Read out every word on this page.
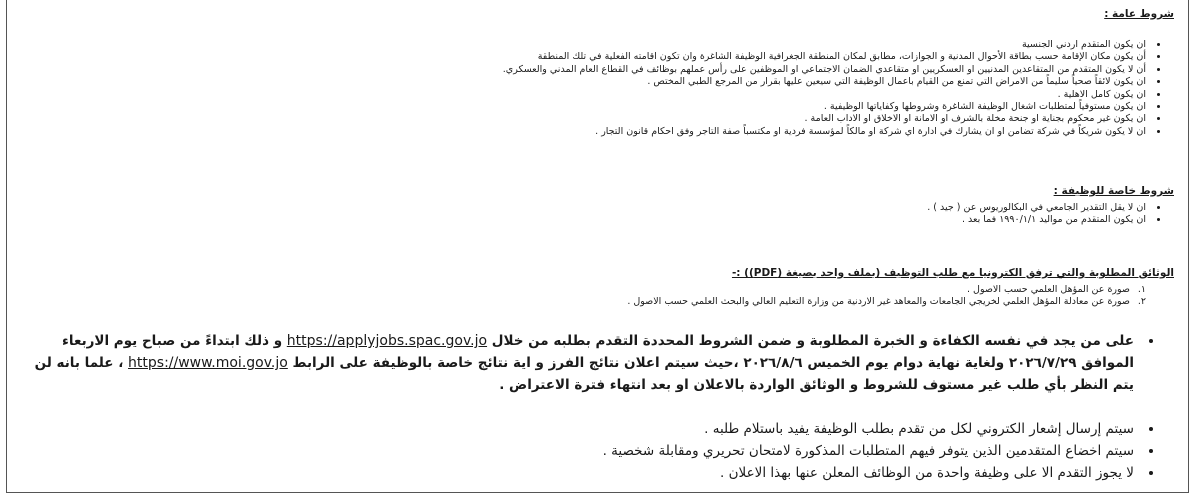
شروط عامة :
• ان يكون المتقدم اردني الجنسية
• أن يكون مكان الإقامة حسب بطاقة الأحوال المدنية و الجوازات، مطابق لمكان المنطقة الجغرافية الوظيفة الشاغرة وان تكون اقامته الفعلية في تلك المنطقة
• أن لا يكون المتقدم من المتقاعدين المدنيين او العسكريين او متقاعدي الضمان الاجتماعي او الموظفين على رأس عملهم بوظائف في القطاع العام المدني والعسكري.
• ان يكون لائقاً صحياً سليماً من الامراض التي تمنع من القيام باعمال الوظيفة التي سيعين عليها بقرار من المرجع الطبي المختص .
• ان يكون كامل الاهلية .
• ان يكون مستوفياً لمتطلبات اشغال الوظيفة الشاغرة وشروطها وكفاياتها الوظيفية .
• ان يكون غير محكوم بجناية او جنحة مخلة بالشرف او الامانة او الاخلاق او الاداب العامة .
• ان لا يكون شريكاً في شركة تضامن او ان يشارك في ادارة اي شركة او مالكاً لمؤسسة فردية او مكتسباً صفة التاجر وفق احكام قانون التجار .
شروط خاصة للوظيفة :
• ان لا يقل التقدير الجامعي في البكالوريوس عن ( جيد ) .
• ان يكون المتقدم من مواليد ١٩٩٠/١/١ فما بعد .
الوثائق المطلوبة والتي ترفق الكترونيا مع طلب التوظيف (بملف واحد بصيغة (PDF)) :-
١.صورة عن المؤهل العلمي حسب الاصول .
٢.صورة عن معادلة المؤهل العلمي لخريجي الجامعات والمعاهد غير الاردنية من وزارة التعليم العالي والبحث العلمي حسب الاصول .
• على من يجد في نفسه الكفاءة و الخبرة المطلوبة و ضمن الشروط المحددة التقدم بطلبه من خلال https://applyjobs.spac.gov.jo و ذلك ابتداءً من صباح يوم الاربعاء الموافق ٢٠٢٦/٧/٢٩ ولغاية نهاية دوام يوم الخميس ٢٠٢٦/٨/٦ ،حيث سيتم اعلان نتائج الفرز و اية نتائج خاصة بالوظيفة على الرابط https://www.moi.gov.jo ، علما بانه لن يتم النظر بأي طلب غير مستوف للشروط و الوثائق الواردة بالاعلان او بعد انتهاء فترة الاعتراض .
• سيتم إرسال إشعار الكتروني لكل من تقدم بطلب الوظيفة يفيد باستلام طلبه .
• سيتم اخضاع المتقدمين الذين يتوفر فيهم المتطلبات المذكورة لامتحان تحريري ومقابلة شخصية .
• لا يجوز التقدم الا على وظيفة واحدة من الوظائف المعلن عنها بهذا الاعلان .
